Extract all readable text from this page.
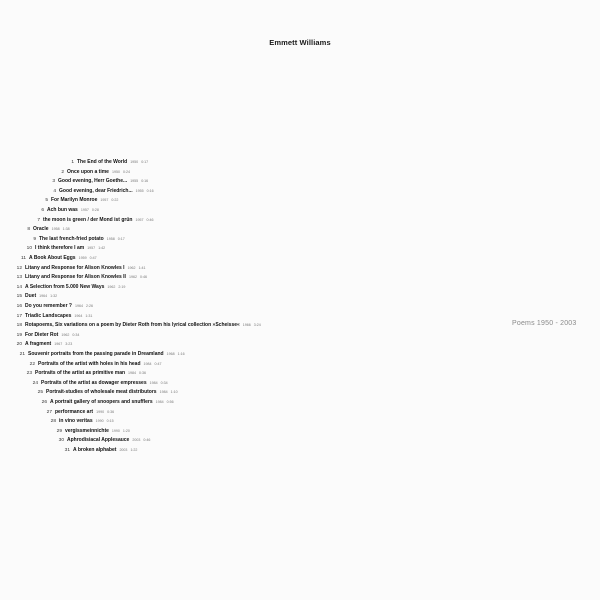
Emmett Williams
Poems 1950 - 2003
1 The End of the World 1950 0:17
2 Once upon a time 1950 0:24
3 Good evening, Herr Goethe... 1955 0:16
4 Good evening, dear Friedrich... 1955 0:16
5 For Marilyn Monroe 1957 0:22
6 Ach bun was 1957 0:28
7 the moon is green / der Mond ist grün 1957 0:46
8 Oracle 1958 1:38
9 The last french-fried potato 1958 0:17
10 I think therefore I am 1957 1:42
11 A Book About Eggs 1959 0:47
12 Litany and Response for Alison Knowles I 1962 1:41
13 Litany and Response for Alison Knowles II 1962 0:46
14 A Selection from 5.000 New Ways 1962 2:19
15 Duet 1964 1:32
16 Do you remember ? 1964 2:26
17 Triadic Landscapes 1964 1:31
18 Rotapoems, Six variations on a poem by Dieter Roth from his lyrical collection »Scheisse« 1966 3:24
19 For Dieter Rot 1962 0:34
20 A fragment 1967 3:23
21 Souvenir portraits from the passing parade in Dreamland 1968 1:16
22 Portraits of the artist with holes in his head 1984 0:47
23 Portraits of the artist as primitive man 1984 0:36
24 Portraits of the artist as dowager empresses 1984 0:34
25 Portrait-studies of wholesale meat distributors 1984 1:10
26 A portrait gallery of snoopers and snufflers 1984 0:56
27 performance art 1990 0:36
28 in vino veritas 1990 0:15
29 vergissmeinnichte 1990 1:20
30 Aphrodisiacal Applesauce 2003 0:46
31 A broken alphabet 2003 1:22
